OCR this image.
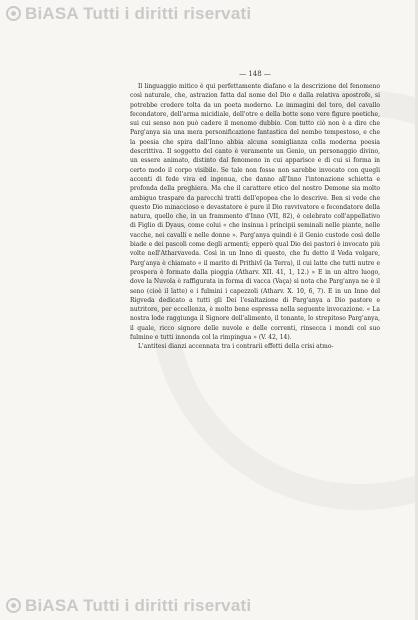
BiASA Tutti i diritti riservati
— 148 —

Il linguaggio mitico è qui perfettamente diafano e la descrizione del fenomeno così naturale, che, astrazion fatta dal nome del Dio e dalla relativa apostrofe, si potrebbe credere tolta da un poeta moderno. Le immagini del toro, del cavallo fecondatore, dell'arma micidiale, dell'otre e della botte sono vere figure poetiche, sui cui senso non può cadere il menomo dubbio. Con tutto ciò non è a dire che Parg'anya sia una mera personificazione fantastica del nembo tempestoso, e che la poesia che spira dall'Inno abbia alcuna somiglianza colla moderna poesia descrittiva. Il soggetto del canto è veramente un Genio, un personaggio divino, un essere animato, distinto dal fenomeno in cui apparisce e di cui si forma in certo modo il corpo visibile. Se tale non fosse non sarebbe invocato con quegli accenti di fede viva ed ingenua, che danno all'Inno l'intonazione schietta e profonda della preghiera. Ma che il carattere etico del nostro Demone sia molto ambiguo traspare da parecchi tratti dell'epopea che lo descrive. Ben si vede che questo Dio minaccioso e devastatore è pure il Dio ravvivatore e fecondatore della natura, quello che, in un frammento d'Inno (VII, 82), è celebrato coll'appellativo di Figlio di Dyaus, come colui « che insinua i principii seminali nelle piante, nelle vacche, nei cavalli e nelle donne ». Parg'anya quindi è il Genio custode così delle biade e dei pascoli come degli armenti; epperò qual Dio dei pastori è invocato più volte nell'Atharvaveda. Così in un Inno di questo, che fu detto il Veda volgare, Parg'anya è chiamato « il marito di Prithivî (la Terra), il cui latte che tutti nutre e prospera è formato dalla pioggia (Atharv. XII. 41, 1, 12.) » E in un altro luogo, dove la Nuvola è raffigurata in forma di vacca (Vaça) si nota che Parg'anya ne è il seno (cioè il latte) e i fulmini i capezzoli (Atharv. X. 10, 6, 7). E in un Inno del Rigveda dedicato a tutti gli Dei l'esaltazione di Parg'anya a Dio pastore e nutritore, per eccellenza, è molto bene espressa nella seguente invocazione. « La nostra lode raggiunga il Signore dell'alimento, il tonante, lo strepitoso Parg'anya, il quale, ricco signore delle nuvole e delle correnti, rinsecca i mondi col suo fulmine e tutti innonda col la rimpingua » (V. 42, 14).

L'antitesi dianzi accennata tra i contrarii effetti della crisi atmo-

BiASA Tutti i diritti riservati
